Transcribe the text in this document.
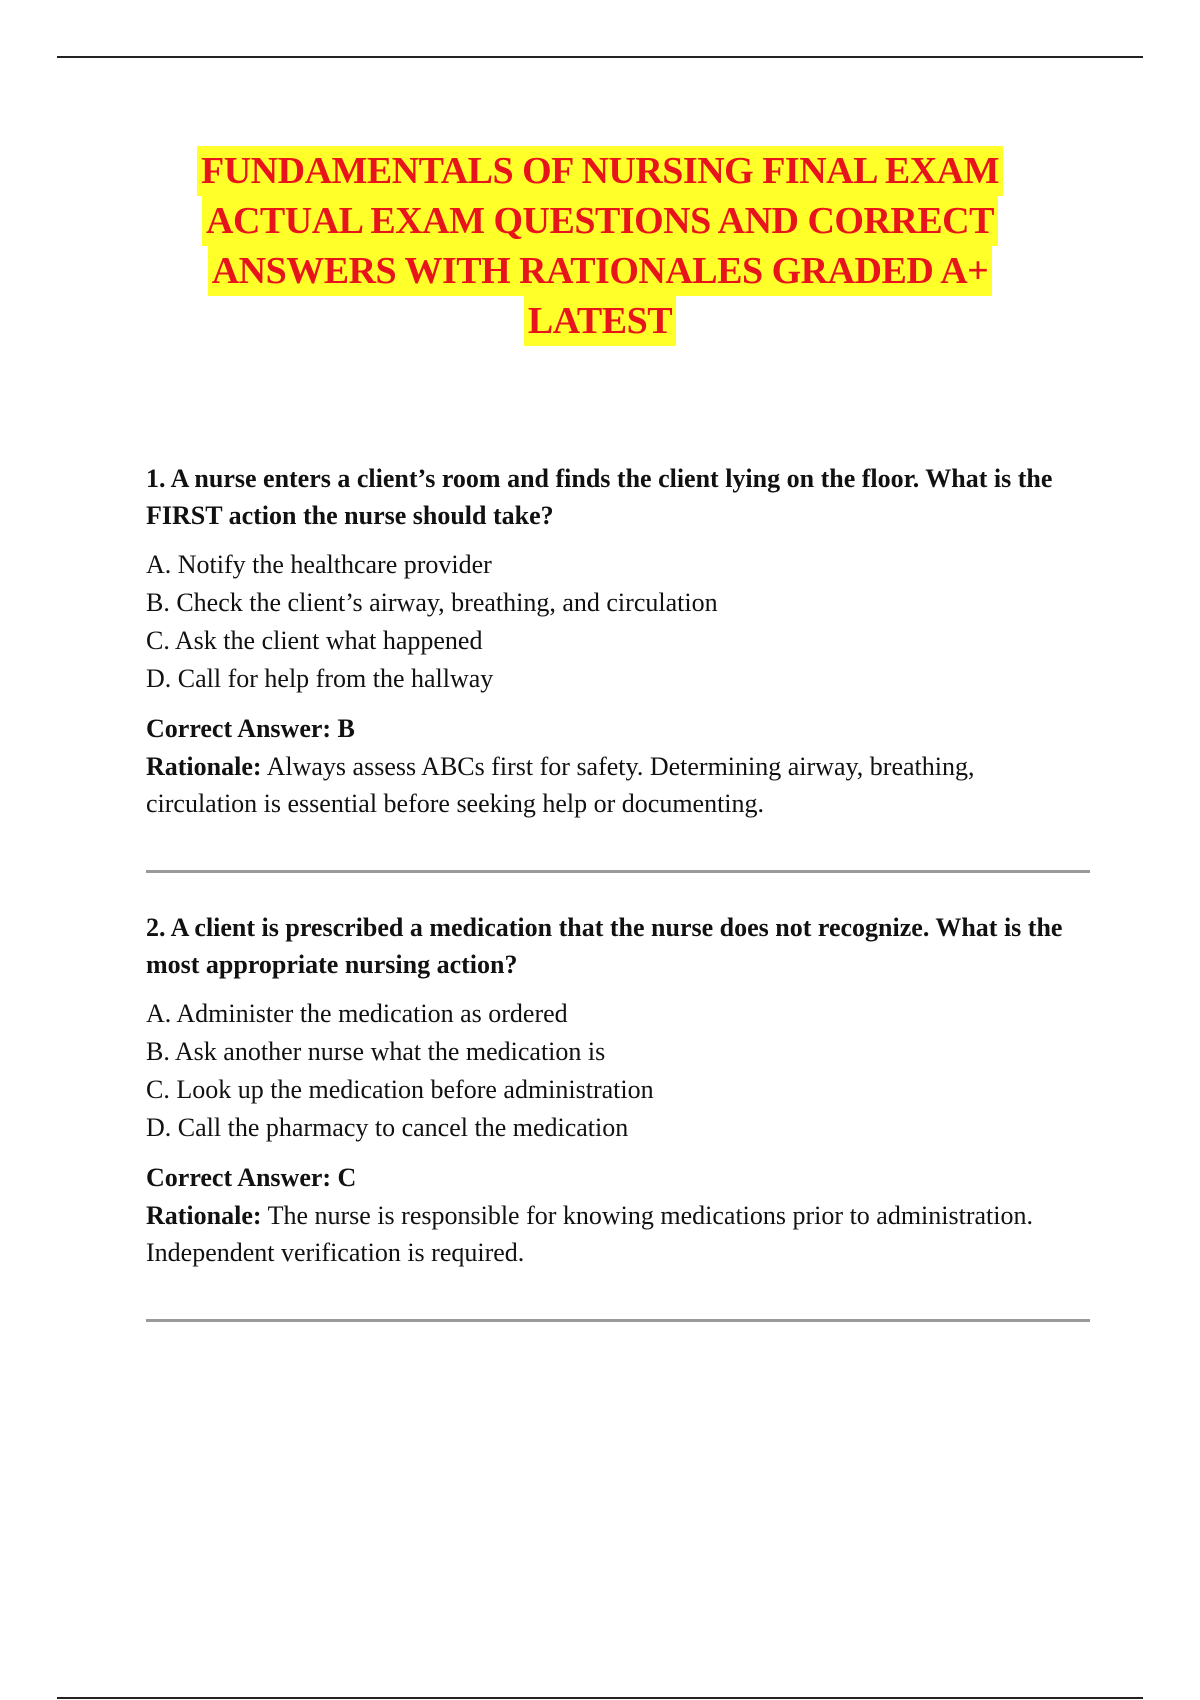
FUNDAMENTALS OF NURSING FINAL EXAM
ACTUAL EXAM QUESTIONS AND CORRECT
ANSWERS WITH RATIONALES GRADED A+
LATEST

1. A nurse enters a client’s room and finds the client lying on the floor. What is the FIRST action the nurse should take?

A. Notify the healthcare provider

B. Check the client’s airway, breathing, and circulation

C. Ask the client what happened

D. Call for help from the hallway

Correct Answer: B

Rationale: Always assess ABCs first for safety. Determining airway, breathing, circulation is essential before seeking help or documenting.

2. A client is prescribed a medication that the nurse does not recognize. What is the most appropriate nursing action?

A. Administer the medication as ordered

B. Ask another nurse what the medication is

C. Look up the medication before administration

D. Call the pharmacy to cancel the medication

Correct Answer: C

Rationale: The nurse is responsible for knowing medications prior to administration. Independent verification is required.
